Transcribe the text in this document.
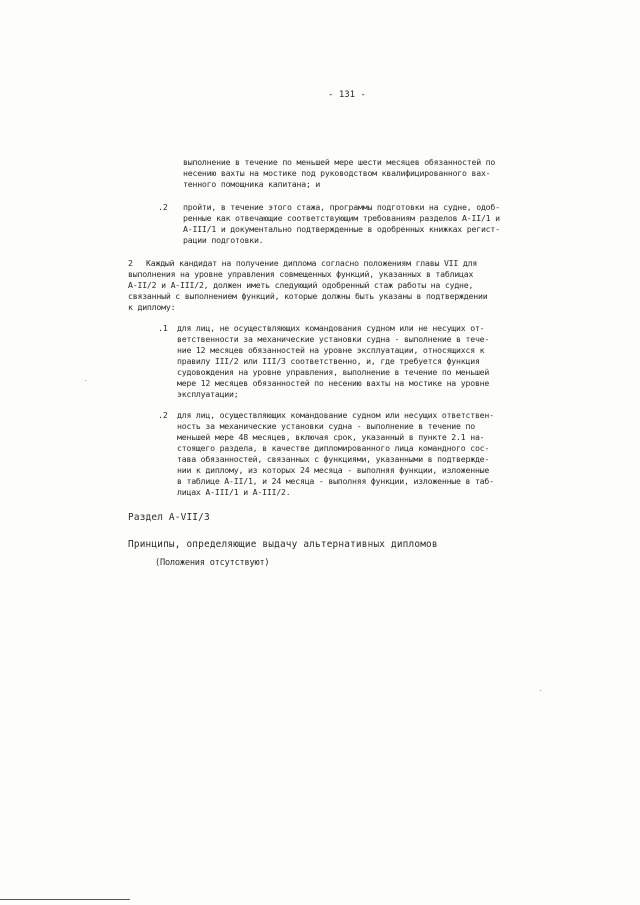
- 131 -
выполнение в течение по меньшей мере шести месяцев обязанностей по
несению вахты на мостике под руководством квалифицированного вах-
тенного помощника капитана; и
.2 пройти, в течение этого стажа, программы подготовки на судне, одоб-
ренные как отвечающие соответствующим требованиям разделов A-II/1 и
A-III/1 и документально подтвержденные в одобренных книжках регист-
рации подготовки.
2 Каждый кандидат на получение диплома согласно положениям главы VII для
выполнения на уровне управления совмещенных функций, указанных в таблицах
A-II/2 и A-III/2, должен иметь следующий одобренный стаж работы на судне,
связанный с выполнением функций, которые должны быть указаны в подтверждении
к диплому:
.1 для лиц, не осуществляющих командования судном или не несущих от-
ветственности за механические установки судна - выполнение в тече-
ние 12 месяцев обязанностей на уровне эксплуатации, относящихся к
правилу III/2 или III/3 соответственно, и, где требуется функция
судовождения на уровне управления, выполнение в течение по меньшей
мере 12 месяцев обязанностей по несению вахты на мостике на уровне
эксплуатации;
.2 для лиц, осуществляющих командование судном или несущих ответствен-
ность за механические установки судна - выполнение в течение по
меньшей мере 48 месяцев, включая срок, указанный в пункте 2.1 на-
стоящего раздела, в качестве дипломированного лица командного сос-
тава обязанностей, связанных с функциями, указанными в подтвержде-
нии к диплому, из которых 24 месяца - выполняя функции, изложенные
в таблице A-II/1, и 24 месяца - выполняя функции, изложенные в таб-
лицах A-III/1 и A-III/2.
Раздел A-VII/3
Принципы, определяющие выдачу альтернативных дипломов
(Положения отсутствуют)
